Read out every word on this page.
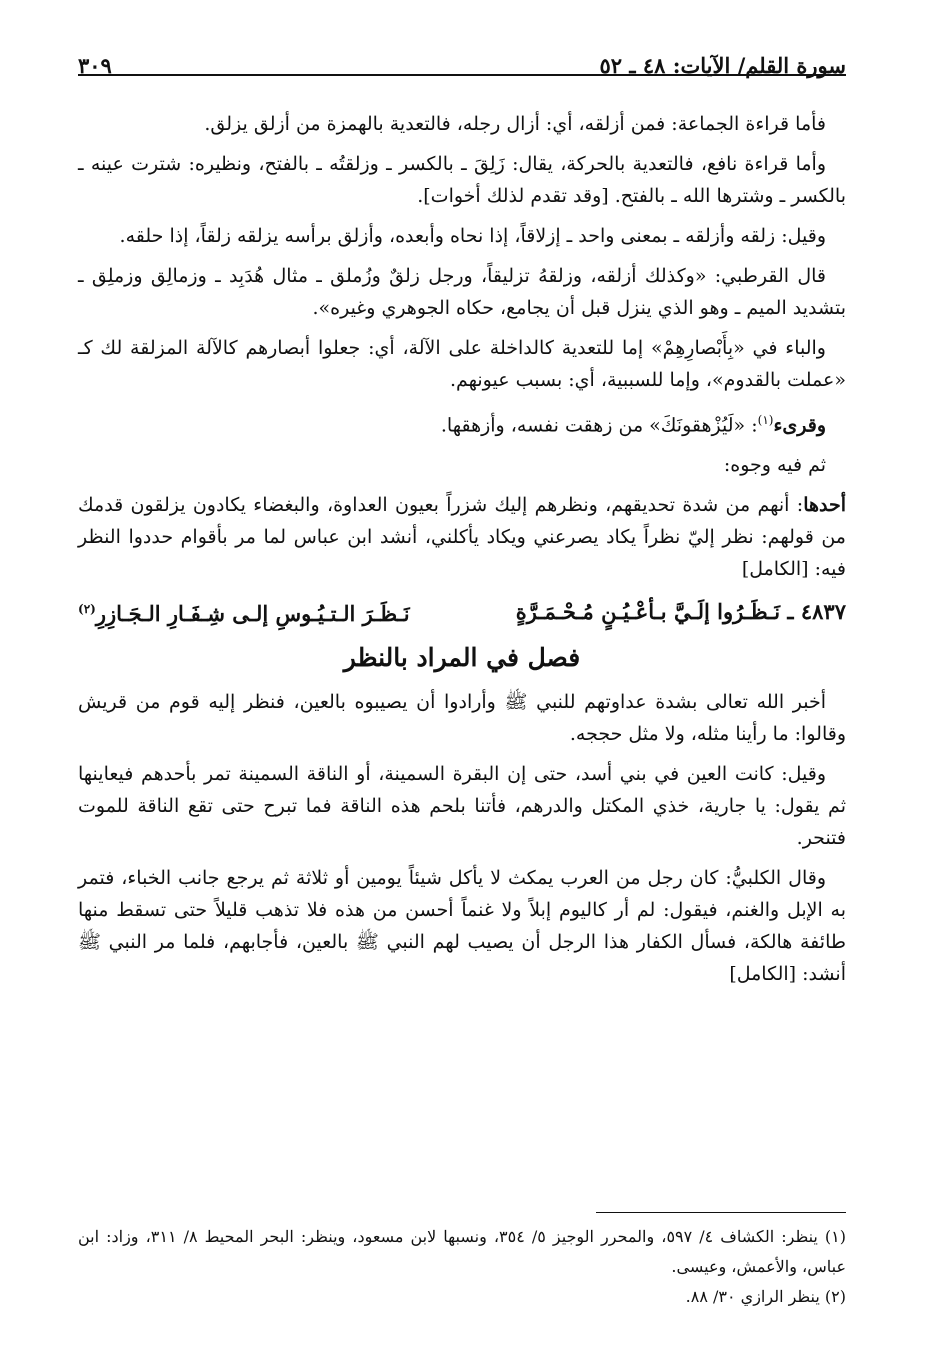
سورة القلم/ الآيات: ٤٨ ـ ٥٢
٣٠٩

فأما قراءة الجماعة: فمن أزلقه، أي: أزال رجله، فالتعدية بالهمزة من أزلق يزلق.

وأما قراءة نافع، فالتعدية بالحركة، يقال: زَلِقَ ـ بالكسر ـ وزلقتُه ـ بالفتح، ونظيره: شترت عينه ـ بالكسر ـ وشترها الله ـ بالفتح. [وقد تقدم لذلك أخوات].

وقيل: زلقه وأزلقه ـ بمعنى واحد ـ إزلاقاً، إذا نحاه وأبعده، وأزلق برأسه يزلقه زلقاً، إذا حلقه.

قال القرطبي: «وكذلك أزلقه، وزلقهُ تزليقاً، ورجل زلقٌ وزُملق ـ مثال هُدَبِد ـ وزمالِق وزملِق ـ بتشديد الميم ـ وهو الذي ينزل قبل أن يجامع، حكاه الجوهري وغيره».

والباء في «بِأَبْصارِهِمْ» إما للتعدية كالداخلة على الآلة، أي: جعلوا أبصارهم كالآلة المزلقة لك كـ «عملت بالقدوم»، وإما للسببية، أي: بسبب عيونهم.

وقرىء$^{(١)}$: «لَيُزْهقونَكَ» من زهقت نفسه، وأزهقها.

ثم فيه وجوه:

أحدها: أنهم من شدة تحديقهم، ونظرهم إليك شزراً بعيون العداوة، والبغضاء يكادون يزلقون قدمك من قولهم: نظر إليّ نظراً يكاد يصرعني ويكاد يأكلني، أنشد ابن عباس لما مر بأقوام حددوا النظر فيه: [الكامل]

٤٨٣٧ ـ نَـظَـرُوا إلَـيَّ بـأعْـيُـنٍ مُـحْـمَـرَّةٍ
نَـظَـرَ الـتـيُـوسِ إلـى شِـفَـارِ الـجَـازِرِ$^{(٢)}$
فصل في المراد بالنظر

أخبر الله تعالى بشدة عداوتهم للنبي ﷺ وأرادوا أن يصيبوه بالعين، فنظر إليه قوم من قريش وقالوا: ما رأينا مثله، ولا مثل حججه.

وقيل: كانت العين في بني أسد، حتى إن البقرة السمينة، أو الناقة السمينة تمر بأحدهم فيعاينها ثم يقول: يا جارية، خذي المكتل والدرهم، فأتنا بلحم هذه الناقة فما تبرح حتى تقع الناقة للموت فتنحر.

وقال الكلبيُّ: كان رجل من العرب يمكث لا يأكل شيئاً يومين أو ثلاثة ثم يرجع جانب الخباء، فتمر به الإبل والغنم، فيقول: لم أر كاليوم إبلاً ولا غنماً أحسن من هذه فلا تذهب قليلاً حتى تسقط منها طائفة هالكة، فسأل الكفار هذا الرجل أن يصيب لهم النبي ﷺ بالعين، فأجابهم، فلما مر النبي ﷺ أنشد: [الكامل]

(١) ينظر: الكشاف ٤/ ٥٩٧، والمحرر الوجيز ٥/ ٣٥٤، ونسبها لابن مسعود، وينظر: البحر المحيط ٨/ ٣١١، وزاد: ابن عباس، والأعمش، وعيسى.

(٢) ينظر الرازي ٣٠/ ٨٨.
